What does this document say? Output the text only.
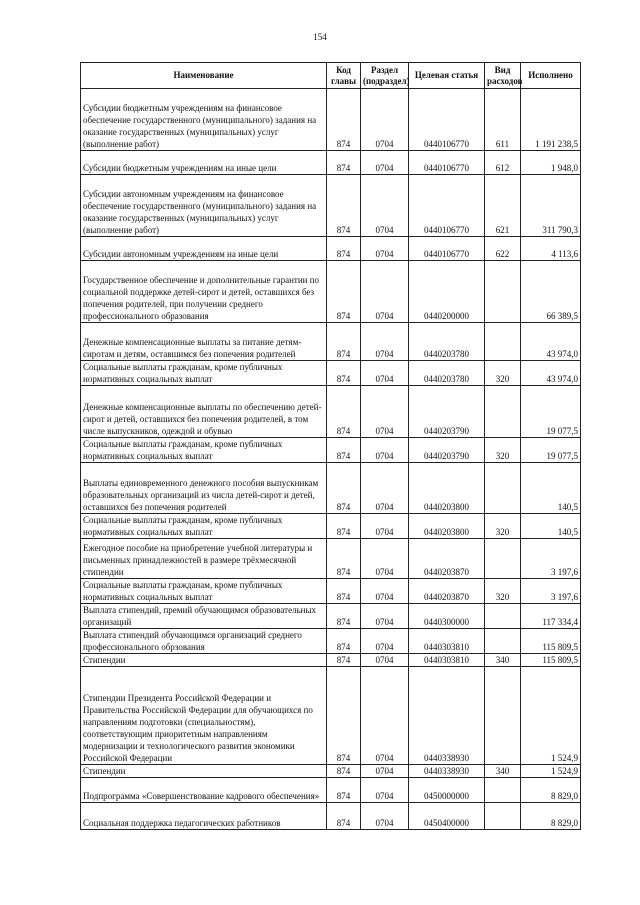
154
Наименование	Код главы	Раздел (подраздел)	Целевая статья	Вид расходов	Исполнено
Субсидии бюджетным учреждениям на финансовое обеспечение государственного (муниципального) задания на оказание государственных (муниципальных) услуг (выполнение работ)	874	0704	0440106770	611	1 191 238,5
Субсидии бюджетным учреждениям на иные цели	874	0704	0440106770	612	1 948,0
Субсидии автономным учреждениям на финансовое обеспечение государственного (муниципального) задания на оказание государственных (муниципальных) услуг (выполнение работ)	874	0704	0440106770	621	311 790,3
Субсидии автономным учреждениям на иные цели	874	0704	0440106770	622	4 113,6
Государственное обеспечение и дополнительные гарантии по социальной поддержке детей-сирот и детей, оставшихся без попечения родителей, при получении среднего профессионального образования	874	0704	0440200000		66 389,5
Денежные компенсационные выплаты за питание детям-сиротам и детям, оставшимся без попечения родителей	874	0704	0440203780		43 974,0
Социальные выплаты гражданам, кроме публичных нормативных социальных выплат	874	0704	0440203780	320	43 974,0
Денежные компенсационные выплаты по обеспечению детей-сирот и детей, оставшихся без попечения родителей, в том числе выпускников, одеждой и обувью	874	0704	0440203790		19 077,5
Социальные выплаты гражданам, кроме публичных нормативных социальных выплат	874	0704	0440203790	320	19 077,5
Выплаты единовременного денежного пособия выпускникам образовательных организаций из числа детей-сирот и детей, оставшихся без попечения родителей	874	0704	0440203800		140,5
Социальные выплаты гражданам, кроме публичных нормативных социальных выплат	874	0704	0440203800	320	140,5
Ежегодное пособие на приобретение учебной литературы и письменных принадлежностей в размере трёхмесячной стипендии	874	0704	0440203870		3 197,6
Социальные выплаты гражданам, кроме публичных нормативных социальных выплат	874	0704	0440203870	320	3 197,6
Выплата стипендий, премий обучающимся образовательных организаций	874	0704	0440300000		117 334,4
Выплата стипендий обучающимся организаций среднего профессионального обрзования	874	0704	0440303810		115 809,5
Стипендии	874	0704	0440303810	340	115 809,5
Стипендии Президента Российской Федерации и Правительства Российской Федерации для обучающихся по направлениям подготовки (специальностям), соответствующим приоритетным направлениям модернизации и технологического развития экономики Российской Федерации	874	0704	0440338930		1 524,9
Стипендии	874	0704	0440338930	340	1 524,9
Подпрограмма «Совершенствование кадрового обеспечения»	874	0704	0450000000		8 829,0
Социальная поддержка педагогических работников	874	0704	0450400000		8 829,0
